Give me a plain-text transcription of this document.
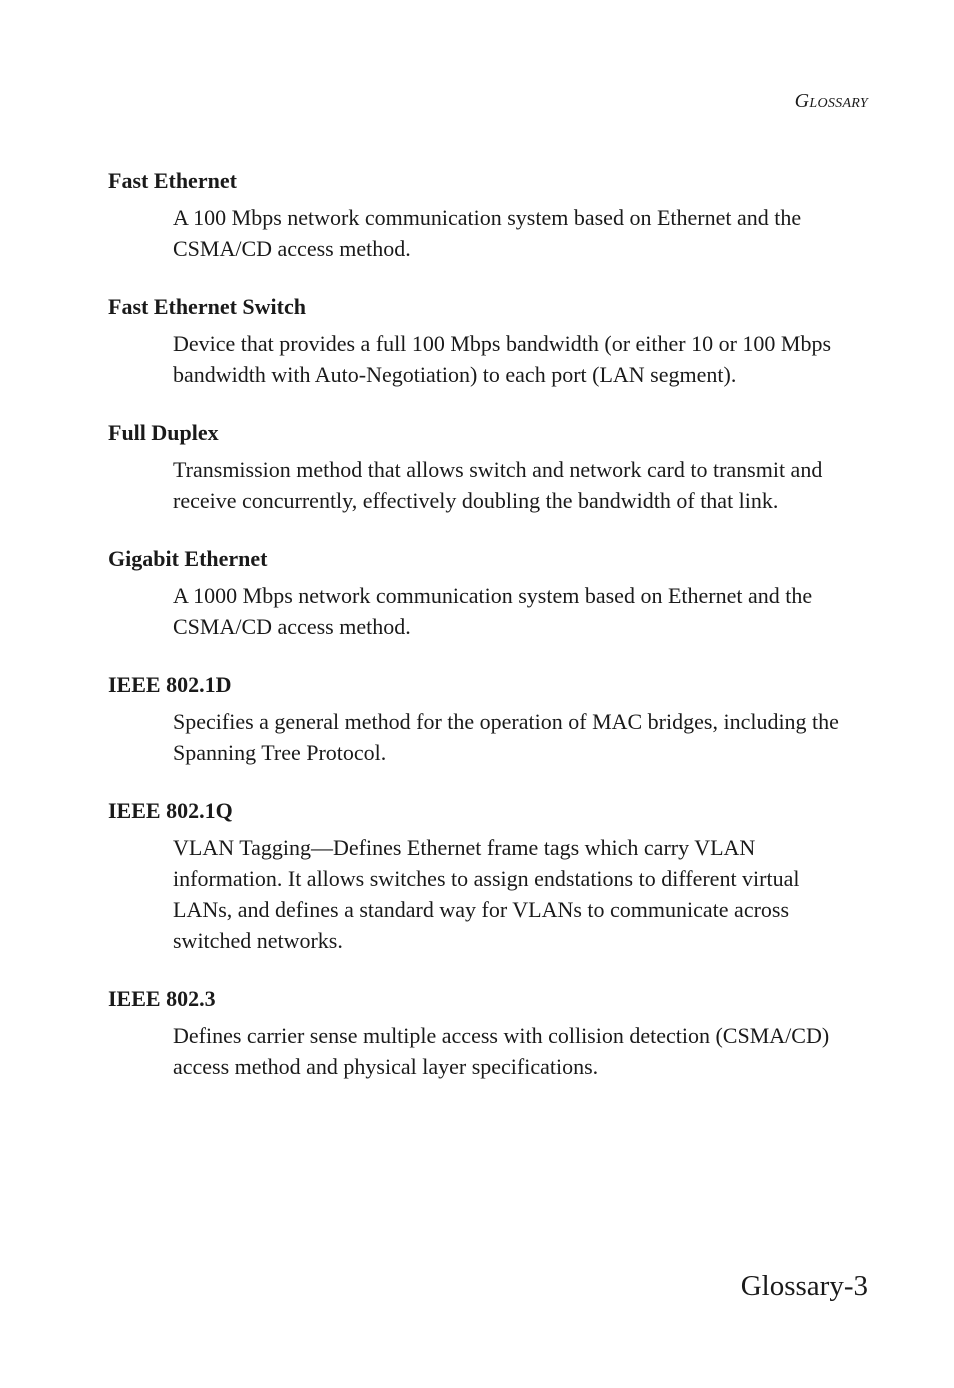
Glossary
Fast Ethernet
A 100 Mbps network communication system based on Ethernet and the CSMA/CD access method.
Fast Ethernet Switch
Device that provides a full 100 Mbps bandwidth (or either 10 or 100 Mbps bandwidth with Auto-Negotiation) to each port (LAN segment).
Full Duplex
Transmission method that allows switch and network card to transmit and receive concurrently, effectively doubling the bandwidth of that link.
Gigabit Ethernet
A 1000 Mbps network communication system based on Ethernet and the CSMA/CD access method.
IEEE 802.1D
Specifies a general method for the operation of MAC bridges, including the Spanning Tree Protocol.
IEEE 802.1Q
VLAN Tagging—Defines Ethernet frame tags which carry VLAN information. It allows switches to assign endstations to different virtual LANs, and defines a standard way for VLANs to communicate across switched networks.
IEEE 802.3
Defines carrier sense multiple access with collision detection (CSMA/CD) access method and physical layer specifications.
Glossary-3
